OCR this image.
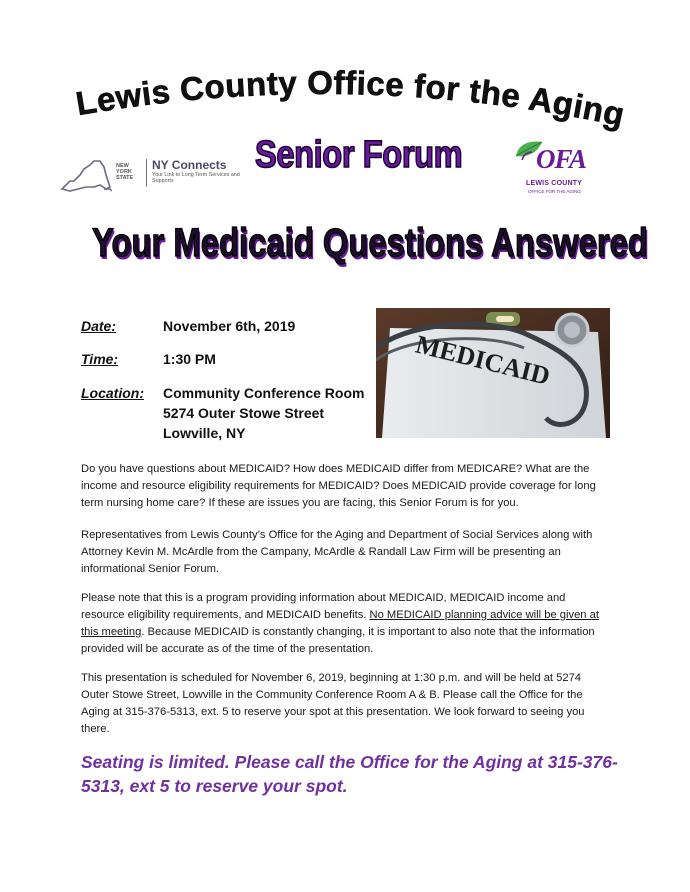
Lewis County Office for the Aging
NEW YORK STATE
NY Connects
Your Link to Long Term Services and Supports
Senior Forum	OFA
LEWIS COUNTY
OFFICE FOR THE AGING
Your Medicaid Questions Answered
Date:	November 6th, 2019
Time:	1:30 PM
Location: Community Conference Room
5274 Outer Stowe Street
Lowville, NY
MEDICAID
Do you have questions about MEDICAID? How does MEDICAID differ from MEDICARE? What are the income and resource eligibility requirements for MEDICAID? Does MEDICAID provide coverage for long term nursing home care? If these are issues you are facing, this Senior Forum is for you.
Representatives from Lewis County’s Office for the Aging and Department of Social Services along with Attorney Kevin M. McArdle from the Campany, McArdle & Randall Law Firm will be presenting an informational Senior Forum.
Please note that this is a program providing information about MEDICAID, MEDICAID income and resource eligibility requirements, and MEDICAID benefits. No MEDICAID planning advice will be given at this meeting. Because MEDICAID is constantly changing, it is important to also note that the information provided will be accurate as of the time of the presentation.
This presentation is scheduled for November 6, 2019, beginning at 1:30 p.m. and will be held at 5274 Outer Stowe Street, Lowville in the Community Conference Room A & B. Please call the Office for the Aging at 315-376-5313, ext. 5 to reserve your spot at this presentation. We look forward to seeing you there.
Seating is limited. Please call the Office for the Aging at 315-376-5313, ext 5 to reserve your spot.
